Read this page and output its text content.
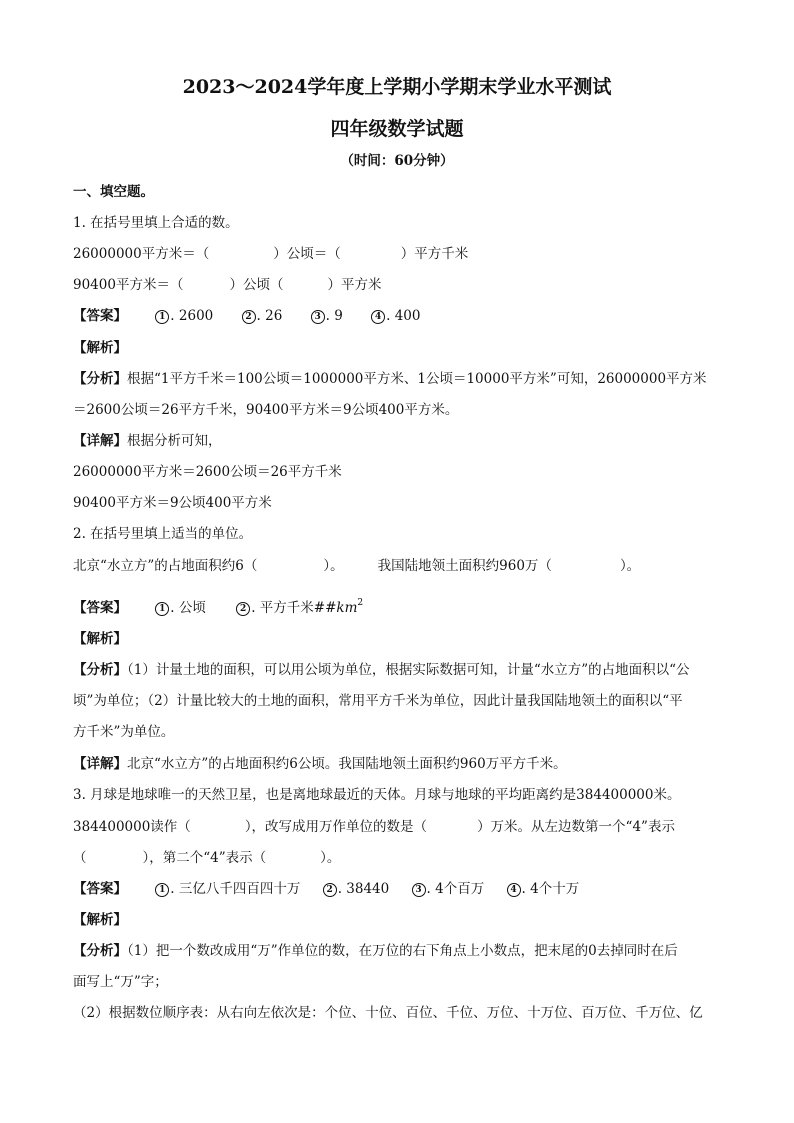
2023～2024学年度上学期小学期末学业水平测试
四年级数学试题
（时间：60分钟）
一、填空题。
1. 在括号里填上合适的数。
26000000平方米＝（	）公顷＝（	）平方千米
90400平方米＝（	）公顷（	）平方米
【答案】	1 . 2600	2 . 26	3 . 9	4 . 400
【解析】
【分析】根据“1平方千米＝100公顷＝1000000平方米、1公顷＝10000平方米”可知，26000000平方米
＝2600公顷＝26平方千米，90400平方米＝9公顷400平方米。
【详解】根据分析可知，
26000000平方米＝2600公顷＝26平方千米
90400平方米＝9公顷400平方米
2. 在括号里填上适当的单位。
北京“水立方”的占地面积约6（	）。	我国陆地领土面积约960万（	）。
【答案】	1 . 公顷	2 . 平方千米$\#\#km^2$
【解析】
【分析】（1）计量土地的面积，可以用公顷为单位，根据实际数据可知，计量“水立方”的占地面积以“公
顷”为单位；（2）计量比较大的土地的面积，常用平方千米为单位，因此计量我国陆地领土的面积以“平
方千米”为单位。
【详解】北京“水立方”的占地面积约6公顷。我国陆地领土面积约960万平方千米。
3. 月球是地球唯一的天然卫星，也是离地球最近的天体。月球与地球的平均距离约是384400000米。
384400000读作（	），改写成用万作单位的数是（	）万米。从左边数第一个“4”表示
（	），第二个“4”表示（	）。
【答案】	1 . 三亿八千四百四十万	2 . 38440	3 . 4个百万	4 . 4个十万
【解析】
【分析】（1）把一个数改成用“万”作单位的数，在万位的右下角点上小数点，把末尾的0去掉同时在后
面写上“万”字；
（2）根据数位顺序表：从右向左依次是：个位、十位、百位、千位、万位、十万位、百万位、千万位、亿
